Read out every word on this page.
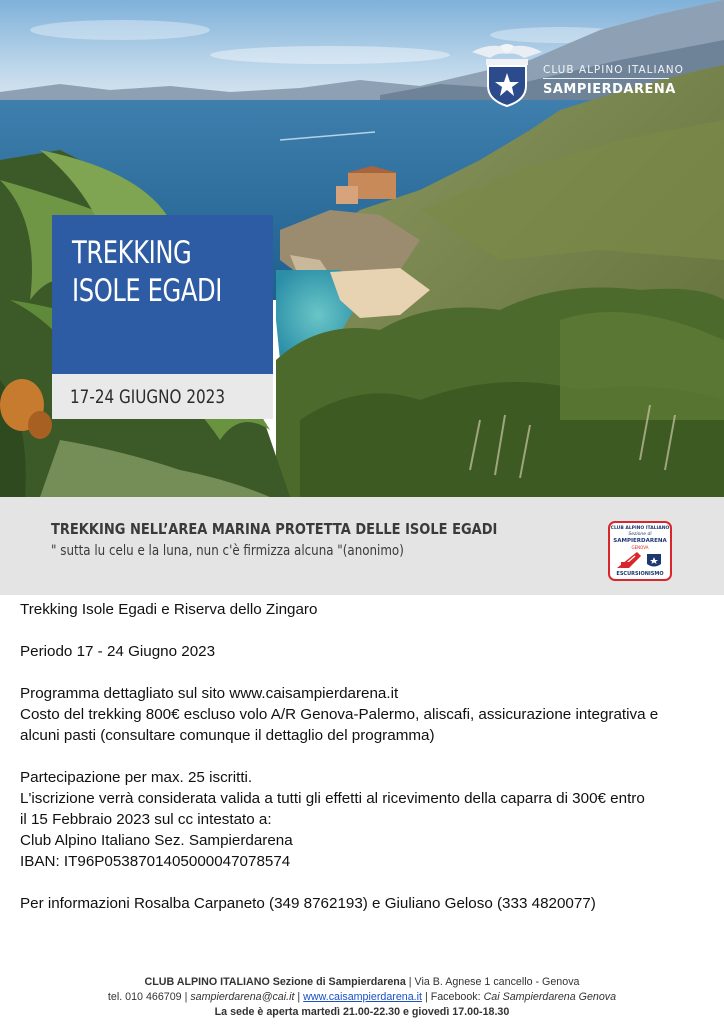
CLUB ALPINO ITALIANO
SAMPIERDARENA
TREKKING
ISOLE EGADI
17-24 GIUGNO 2023
TREKKING NELL’AREA MARINA PROTETTA DELLE ISOLE EGADI
" sutta lu celu e la luna, nun c'è firmizza alcuna "(anonimo)
CLUB ALPINO ITALIANO
Sezione di
SAMPIERDARENA
GENOVA
ESCURSIONISMO

Trekking Isole Egadi e Riserva dello Zingaro

Periodo 17 - 24 Giugno 2023

Programma dettagliato sul sito www.caisampierdarena.it

Costo del trekking 800€ escluso volo A/R Genova-Palermo, aliscafi, assicurazione integrativa e

alcuni pasti (consultare comunque il dettaglio del programma)

Partecipazione per max. 25 iscritti.

L'iscrizione verrà considerata valida a tutti gli effetti al ricevimento della caparra di 300€ entro

il 15 Febbraio 2023 sul cc intestato a:

Club Alpino Italiano Sez. Sampierdarena

IBAN: IT96P0538701405000047078574

Per informazioni Rosalba Carpaneto (349 8762193) e Giuliano Geloso (333 4820077)

CLUB ALPINO ITALIANO Sezione di Sampierdarena | Via B. Agnese 1 cancello - Genova
tel. 010 466709 | sampierdarena@cai.it | www.caisampierdarena.it | Facebook: Cai Sampierdarena Genova
La sede è aperta martedì 21.00-22.30 e giovedì 17.00-18.30
